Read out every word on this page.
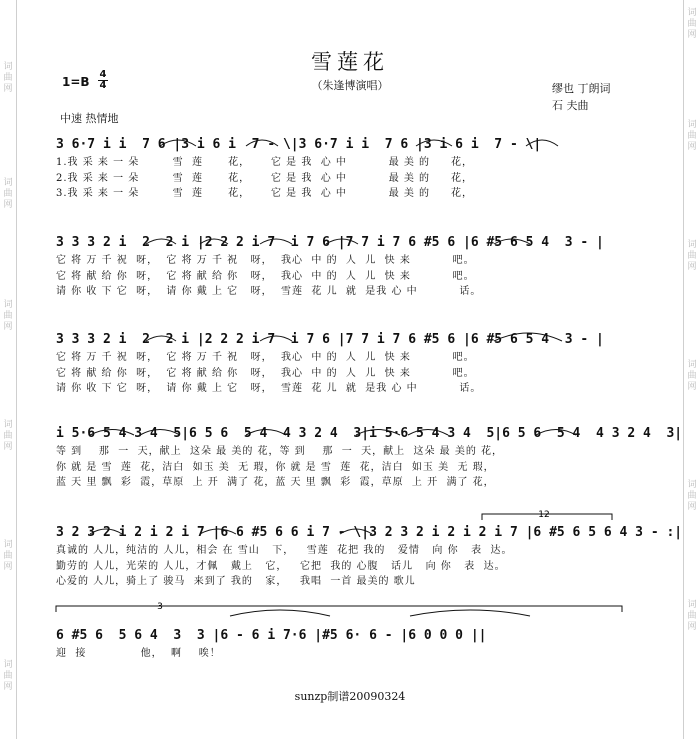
词曲网
词曲网
词曲网
词曲网
词曲网
词曲网
词曲网
词曲网
词曲网
词曲网
词曲网
词曲网
雪莲花
（朱逢博演唱）
1=B
4
4	缪也 丁朗词
石 夫曲
中速 热情地
3 6·7 i i  7 6 |3 i 6 i  7 - \|3 6·7 i i  7 6 |3 i 6 i  7 - \|
1.我 采 来 一 朵        雪  莲      花，     它 是 我  心 中          最 美 的     花，
2.我 采 来 一 朵        雪  莲      花，     它 是 我  心 中          最 美 的     花，
3.我 采 来 一 朵        雪  莲      花，     它 是 我  心 中          最 美 的     花，
3 3 3 2 i  2  2 i |2 2 2 i 7  i 7 6 |7 7 i 7 6 #5 6 |6 #5 6 5 4  3 - |
它 将 万 千 祝  呀，  它 将 万 千 祝   呀，  我心  中 的  人  儿  快 来          吧。
它 将 献 给 你  呀，  它 将 献 给 你   呀，  我心  中 的  人  儿  快 来          吧。
请 你 收 下 它  呀，  请 你 戴 上 它   呀，  雪莲  花 儿  就  是我 心 中          话。
3 3 3 2 i  2  2 i |2 2 2 i 7  i 7 6 |7 7 i 7 6 #5 6 |6 #5 6 5 4  3 - |
它 将 万 千 祝  呀，  它 将 万 千 祝   呀，  我心  中 的  人  儿  快 来          吧。
它 将 献 给 你  呀，  它 将 献 给 你   呀，  我心  中 的  人  儿  快 来          吧。
请 你 收 下 它  呀，  请 你 戴 上 它   呀，  雪莲  花 儿  就  是我 心 中          话。
i 5·6 5 4 3 4  5|6 5 6  5 4  4 3 2 4  3|i 5·6 5 4 3 4  5|6 5 6  5 4  4 3 2 4  3|
等 到    那  一  天，献上  这朵 最 美的 花，等 到    那  一  天，献上  这朵 最 美的 花，
你 就 是 雪  莲  花，洁白  如玉 美  无 瑕，你 就 是 雪  莲  花，洁白  如玉 美  无 瑕，
蓝 天 里 飘  彩  霞，草原  上 开  满了 花，蓝 天 里 飘  彩  霞，草原  上 开  满了 花，
3 2 3 2 i 2 i 2 i 7 |6 6 #5 6 6 i 7 - \|3 2 3 2 i 2 i 2 i 7 |6 #5 6 5 6 4 3 - :|
真诚的 人儿，纯洁的 人儿，相会 在 雪山   下，   雪莲  花把 我的   爱情   向 你   表  达。
勤劳的 人儿，光荣的 人儿，才佩   戴上   它，   它把  我的 心腹   话儿   向 你   表  达。
心爱的 人儿，骑上了 骏马  来到了 我的   家，   我唱  一首 最美的 歌儿
6 #5 6  5 6 4  3  3 |6 - 6 i 7·6 |#5 6· 6 - |6 0 0 0 ||
迎  接             他，  啊    唉！
12
3
sunzp制谱20090324
